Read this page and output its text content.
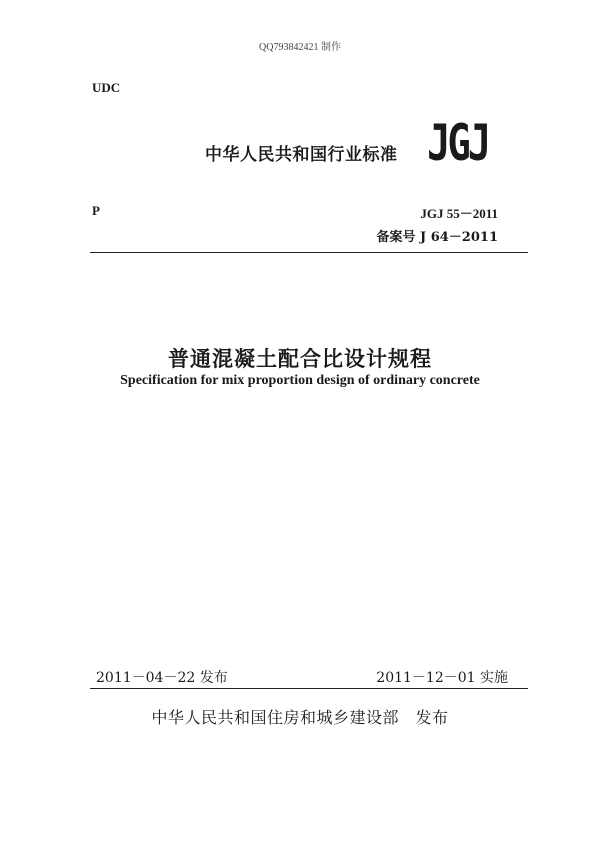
QQ793842421 制作
UDC
中华人民共和国行业标准 JGJ
P	JGJ 55－2011
备案号 J 64－2011
普通混凝土配合比设计规程
Specification for mix proportion design of ordinary concrete
2011－04－22 发布	2011－12－01 实施
中华人民共和国住房和城乡建设部　发布
